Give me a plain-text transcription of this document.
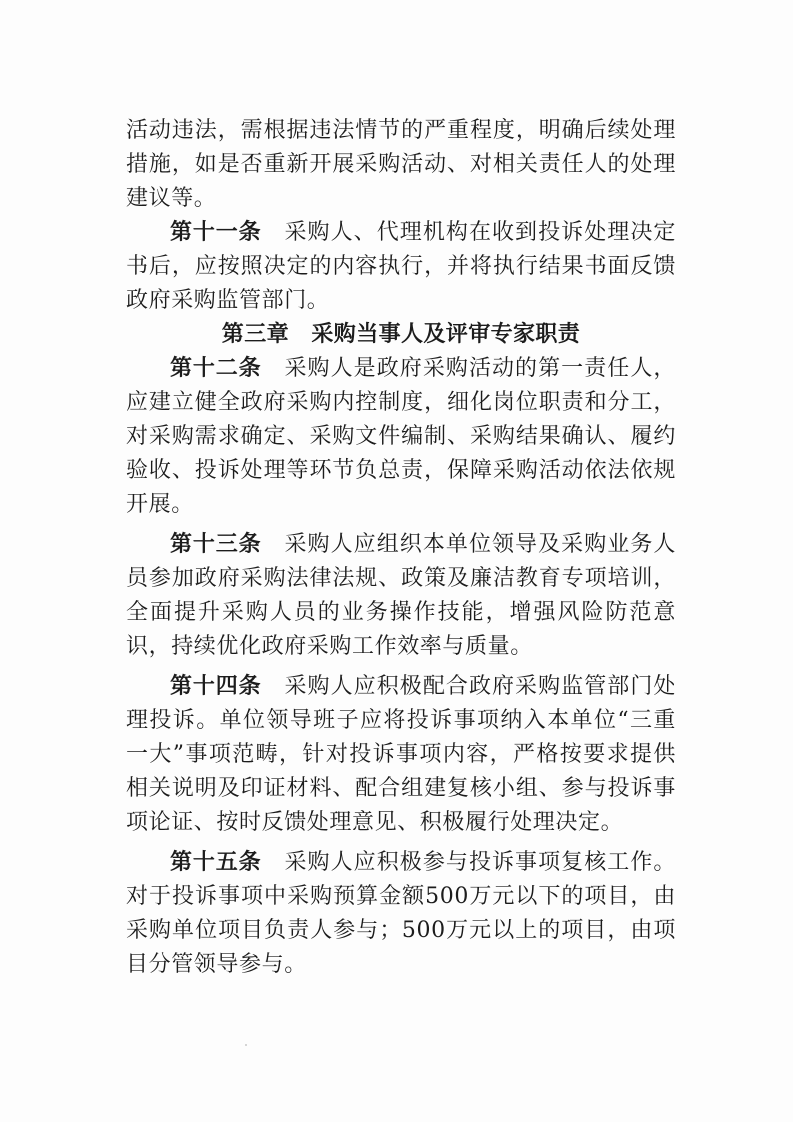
活动违法，需根据违法情节的严重程度，明确后续处理措施，如是否重新开展采购活动、对相关责任人的处理建议等。

第十一条　 采购人、代理机构在收到投诉处理决定书后，应按照决定的内容执行，并将执行结果书面反馈政府采购监管部门。

第三章　采购当事人及评审专家职责

第十二条　 采购人是政府采购活动的第一责任人，应建立健全政府采购内控制度，细化岗位职责和分工，对采购需求确定、采购文件编制、采购结果确认、履约验收、投诉处理等环节负总责，保障采购活动依法依规开展。

第十三条　 采购人应组织本单位领导及采购业务人员参加政府采购法律法规、政策及廉洁教育专项培训，全面提升采购人员的业务操作技能，增强风险防范意识，持续优化政府采购工作效率与质量。

第十四条　 采购人应积极配合政府采购监管部门处理投诉。单位领导班子应将投诉事项纳入本单位“三重一大”事项范畴，针对投诉事项内容，严格按要求提供相关说明及印证材料、配合组建复核小组、参与投诉事项论证、按时反馈处理意见、积极履行处理决定。

第十五条　 采购人应积极参与投诉事项复核工作。对于投诉事项中采购预算金额500万元以下的项目，由采购单位项目负责人参与；500万元以上的项目，由项目分管领导参与。
